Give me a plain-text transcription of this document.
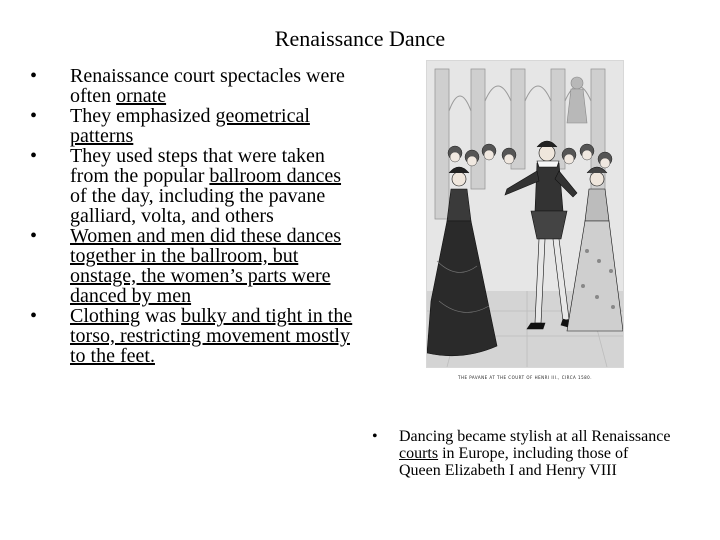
Renaissance Dance
• Renaissance court spectacles were often ornate
• They emphasized geometrical patterns
• They used steps that were taken from the popular ballroom dances of the day, including the pavane galliard, volta, and others
• Women and men did these dances together in the ballroom, but onstage, the women’s parts were danced by men
• Clothing was bulky and tight in the torso, restricting movement mostly to the feet.
THE PAVANE AT THE COURT OF HENRI III., CIRCA 1580.
• Dancing became stylish at all Renaissance courts in Europe, including those of Queen Elizabeth I and Henry VIII
